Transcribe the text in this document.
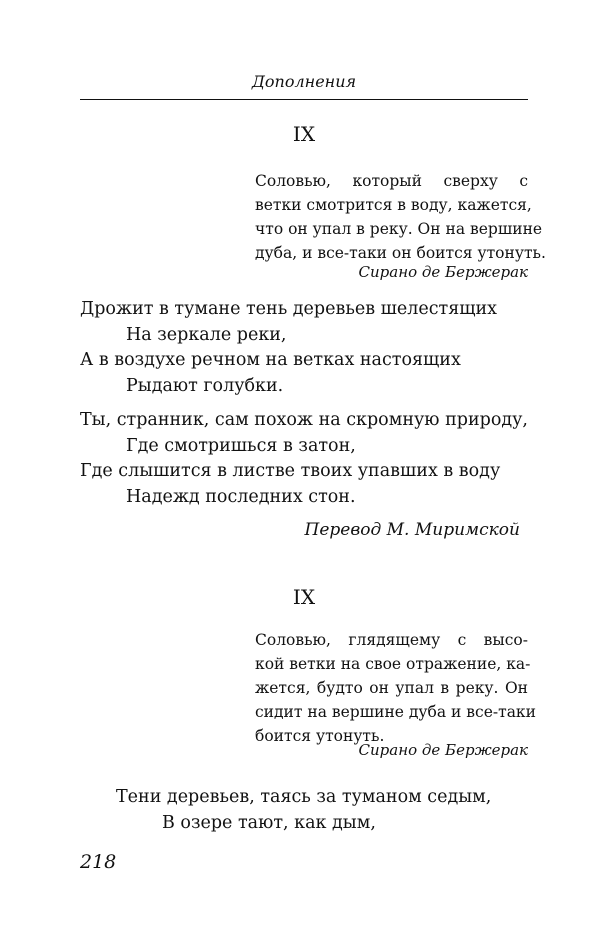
Дополнения
IX
Соловью, который сверху с
ветки смотрится в воду, кажется,
что он упал в реку. Он на вершине
дуба, и все-таки он боится утонуть.
Сирано де Бержерак
Дрожит в тумане тень деревьев шелестящих
На зеркале реки,
А в воздухе речном на ветках настоящих
Рыдают голубки.
Ты, странник, сам похож на скромную природу,
Где смотришься в затон,
Где слышится в листве твоих упавших в воду
Надежд последних стон.
Перевод М. Миримской
IX
Соловью, глядящему с высо-
кой ветки на свое отражение, ка-
жется, будто он упал в реку. Он
сидит на вершине дуба и все-таки
боится утонуть.
Сирано де Бержерак
Тени деревьев, таясь за туманом седым,
В озере тают, как дым,
218
